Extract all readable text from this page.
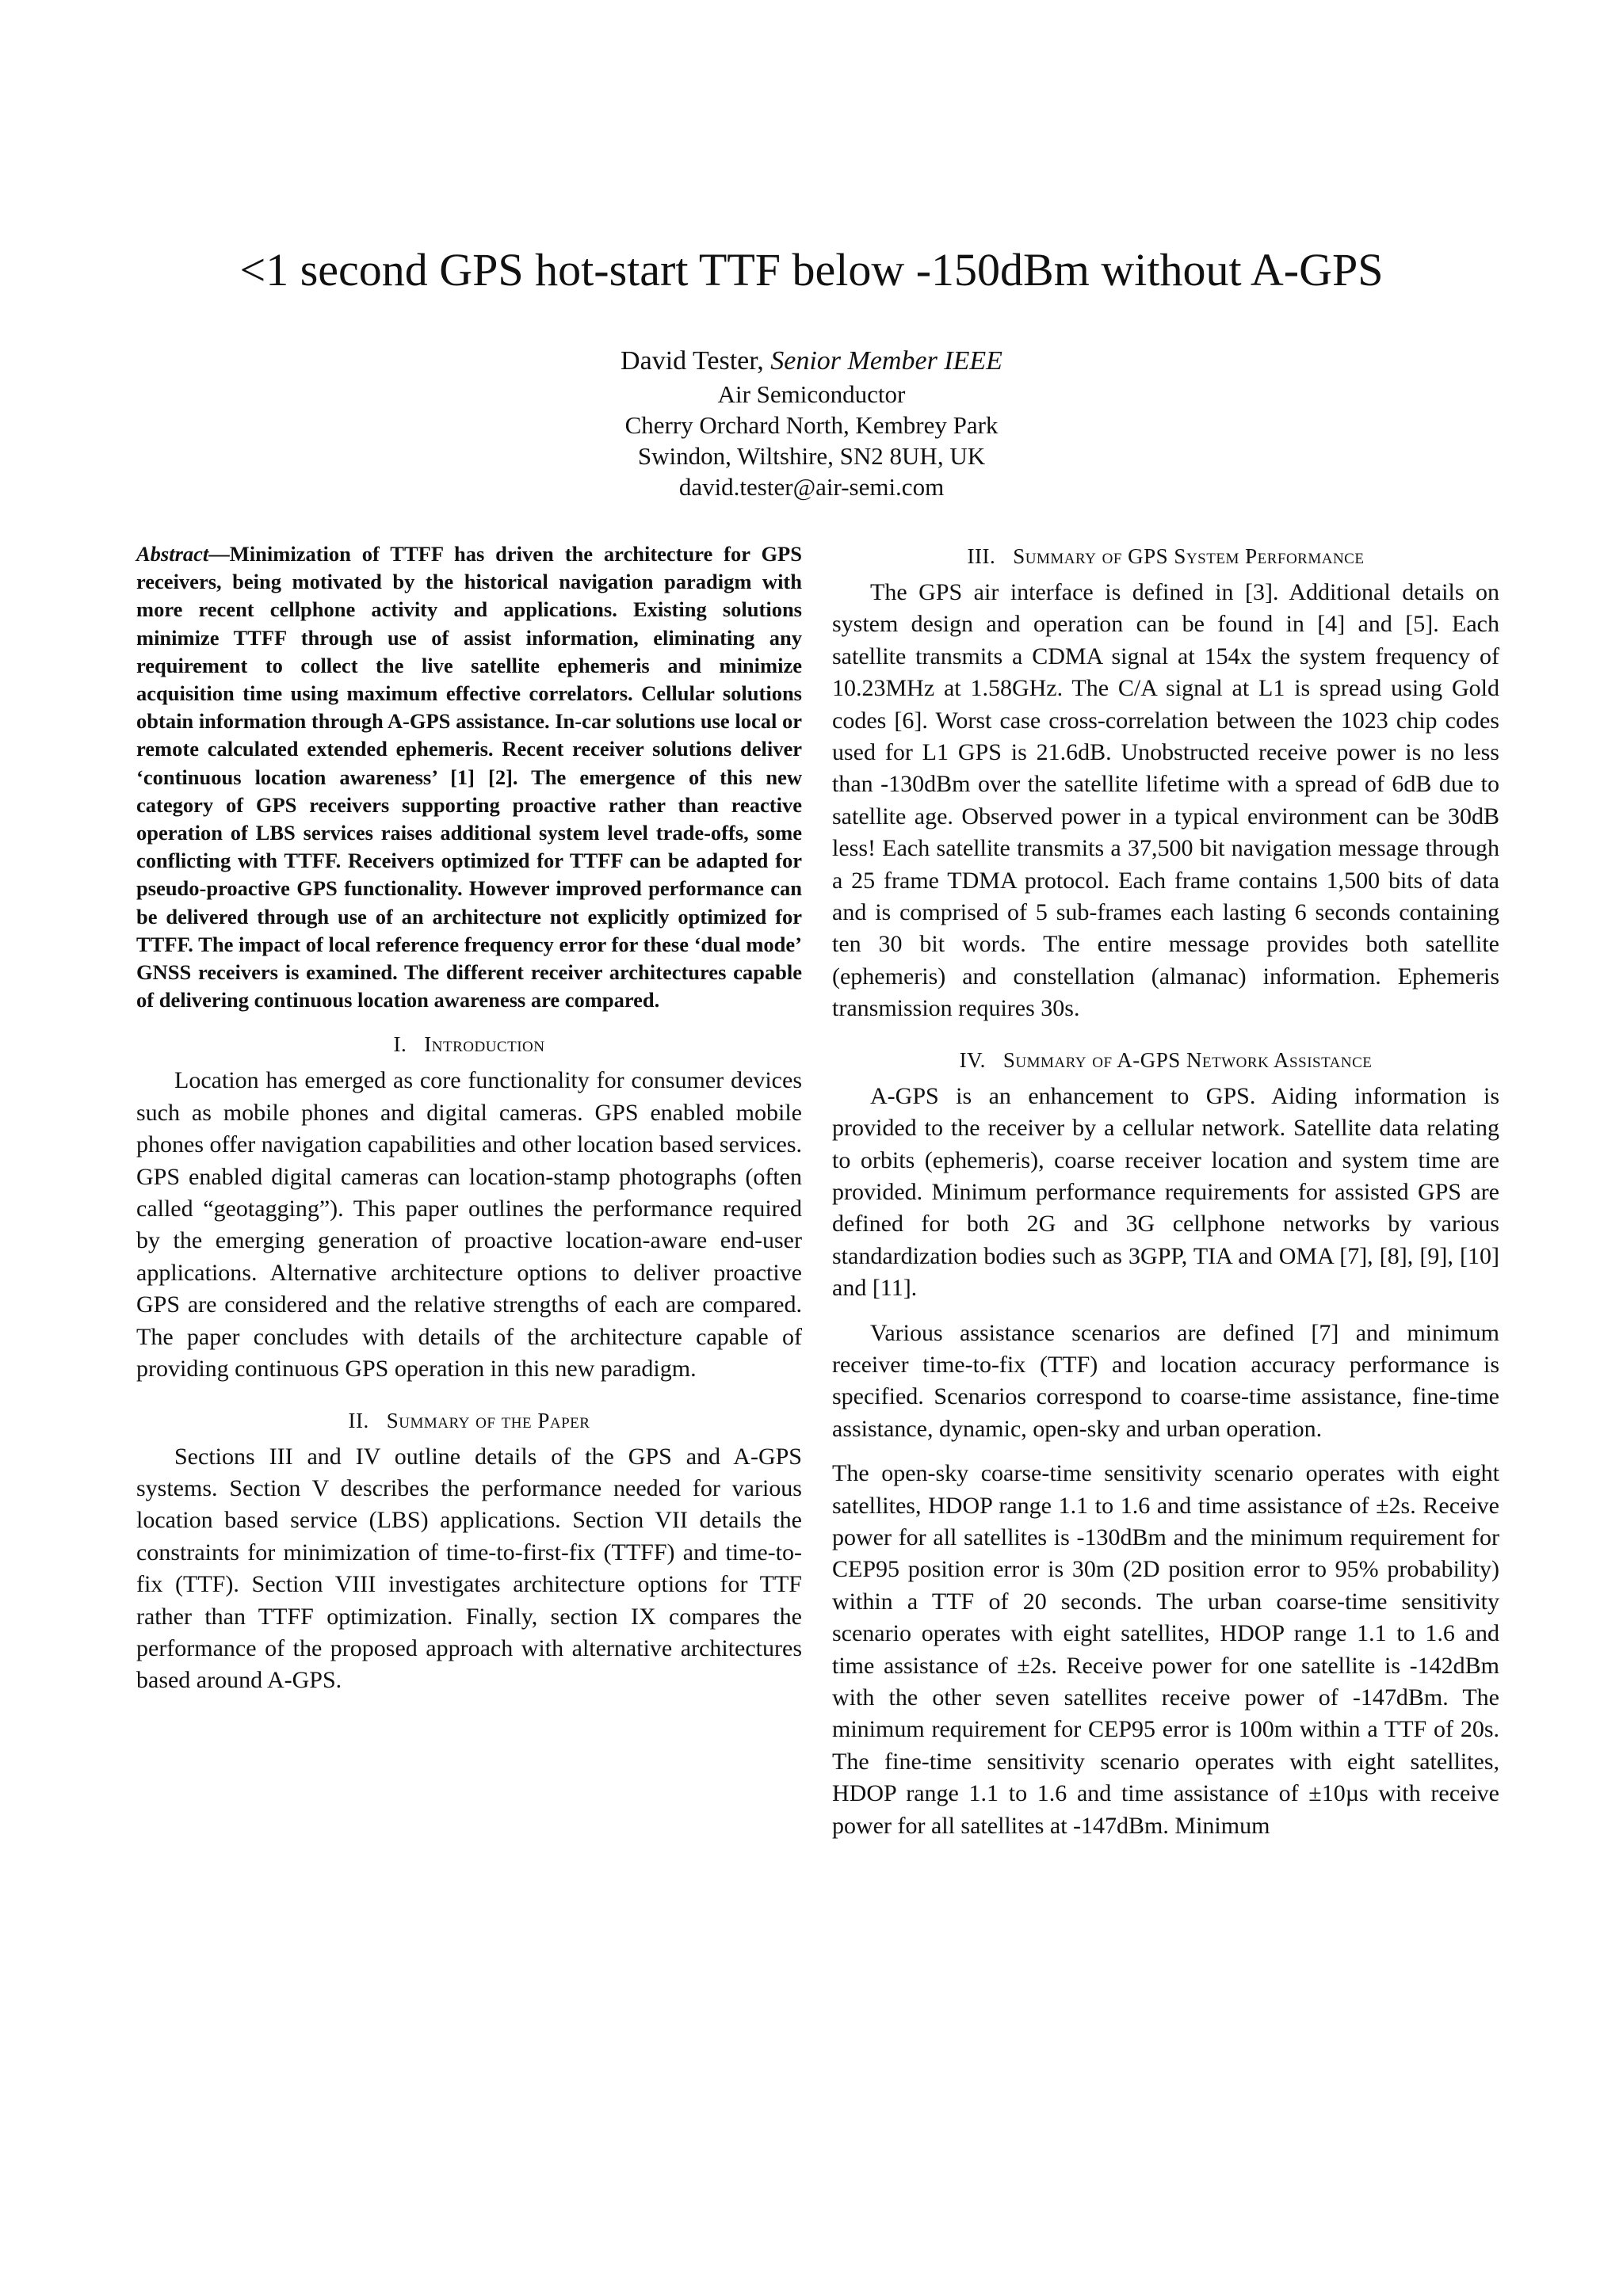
<1 second GPS hot-start TTF below -150dBm without A-GPS
David Tester, Senior Member IEEE
Air Semiconductor
Cherry Orchard North, Kembrey Park
Swindon, Wiltshire, SN2 8UH, UK
david.tester@air-semi.com

Abstract—Minimization of TTFF has driven the architecture for GPS receivers, being motivated by the historical navigation paradigm with more recent cellphone activity and applications. Existing solutions minimize TTFF through use of assist information, eliminating any requirement to collect the live satellite ephemeris and minimize acquisition time using maximum effective correlators. Cellular solutions obtain information through A-GPS assistance. In-car solutions use local or remote calculated extended ephemeris. Recent receiver solutions deliver ‘continuous location awareness’ [1] [2]. The emergence of this new category of GPS receivers supporting proactive rather than reactive operation of LBS services raises additional system level trade-offs, some conflicting with TTFF. Receivers optimized for TTFF can be adapted for pseudo-proactive GPS functionality. However improved performance can be delivered through use of an architecture not explicitly optimized for TTFF. The impact of local reference frequency error for these ‘dual mode’ GNSS receivers is examined. The different receiver architectures capable of delivering continuous location awareness are compared.

I. Introduction

Location has emerged as core functionality for consumer devices such as mobile phones and digital cameras. GPS enabled mobile phones offer navigation capabilities and other location based services. GPS enabled digital cameras can location-stamp photographs (often called “geotagging”). This paper outlines the performance required by the emerging generation of proactive location-aware end-user applications. Alternative architecture options to deliver proactive GPS are considered and the relative strengths of each are compared. The paper concludes with details of the architecture capable of providing continuous GPS operation in this new paradigm.

II. Summary of the Paper

Sections III and IV outline details of the GPS and A-GPS systems. Section V describes the performance needed for various location based service (LBS) applications. Section VII details the constraints for minimization of time-to-first-fix (TTFF) and time-to-fix (TTF). Section VIII investigates architecture options for TTF rather than TTFF optimization. Finally, section IX compares the performance of the proposed approach with alternative architectures based around A-GPS.

III. Summary of GPS System Performance

The GPS air interface is defined in [3]. Additional details on system design and operation can be found in [4] and [5]. Each satellite transmits a CDMA signal at 154x the system frequency of 10.23MHz at 1.58GHz. The C/A signal at L1 is spread using Gold codes [6]. Worst case cross-correlation between the 1023 chip codes used for L1 GPS is 21.6dB. Unobstructed receive power is no less than -130dBm over the satellite lifetime with a spread of 6dB due to satellite age. Observed power in a typical environment can be 30dB less! Each satellite transmits a 37,500 bit navigation message through a 25 frame TDMA protocol. Each frame contains 1,500 bits of data and is comprised of 5 sub-frames each lasting 6 seconds containing ten 30 bit words. The entire message provides both satellite (ephemeris) and constellation (almanac) information. Ephemeris transmission requires 30s.

IV. Summary of A-GPS Network Assistance

A-GPS is an enhancement to GPS. Aiding information is provided to the receiver by a cellular network. Satellite data relating to orbits (ephemeris), coarse receiver location and system time are provided. Minimum performance requirements for assisted GPS are defined for both 2G and 3G cellphone networks by various standardization bodies such as 3GPP, TIA and OMA [7], [8], [9], [10] and [11].

Various assistance scenarios are defined [7] and minimum receiver time-to-fix (TTF) and location accuracy performance is specified. Scenarios correspond to coarse-time assistance, fine-time assistance, dynamic, open-sky and urban operation.

The open-sky coarse-time sensitivity scenario operates with eight satellites, HDOP range 1.1 to 1.6 and time assistance of ±2s. Receive power for all satellites is -130dBm and the minimum requirement for CEP95 position error is 30m (2D position error to 95% probability) within a TTF of 20 seconds. The urban coarse-time sensitivity scenario operates with eight satellites, HDOP range 1.1 to 1.6 and time assistance of ±2s. Receive power for one satellite is -142dBm with the other seven satellites receive power of -147dBm. The minimum requirement for CEP95 error is 100m within a TTF of 20s. The fine-time sensitivity scenario operates with eight satellites, HDOP range 1.1 to 1.6 and time assistance of ±10µs with receive power for all satellites at -147dBm. Minimum
